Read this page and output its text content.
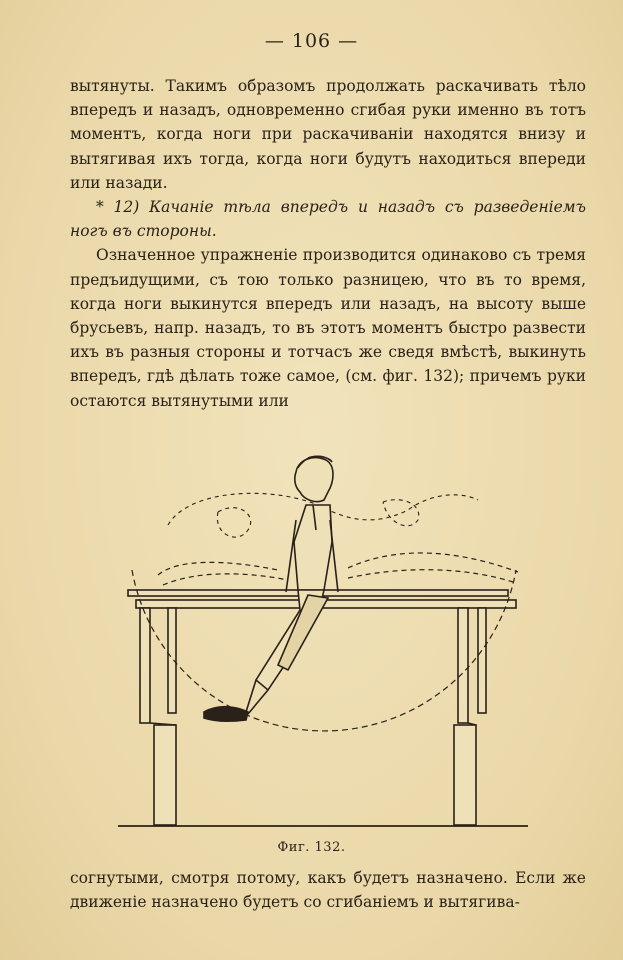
— 106 —

вытянуты. Такимъ образомъ продолжать раскачивать тѣло впередъ и назадъ, одновременно сгибая руки именно въ тотъ моментъ, когда ноги при раскачиванiи находятся внизу и вытягивая ихъ тогда, когда ноги будутъ находиться впереди или назади.

* 12) Качанiе тѣла впередъ и назадъ съ разведенiемъ ногъ въ стороны.

Означенное упражненiе производится одинаково съ тремя предъидущими, съ тою только разницею, что въ то время, когда ноги выкинутся впередъ или назадъ, на высоту выше брусьевъ, напр. назадъ, то въ этотъ моментъ быстро развести ихъ въ разныя стороны и тотчасъ же сведя вмѣстѣ, выкинуть впередъ, гдѣ дѣлать тоже самое, (см. фиг. 132); причемъ руки остаются вытянутыми или

Фиг. 132.

согнутыми, смотря потому, какъ будетъ назначено. Если же движенiе назначено будетъ со сгибанiемъ и вытягива-
